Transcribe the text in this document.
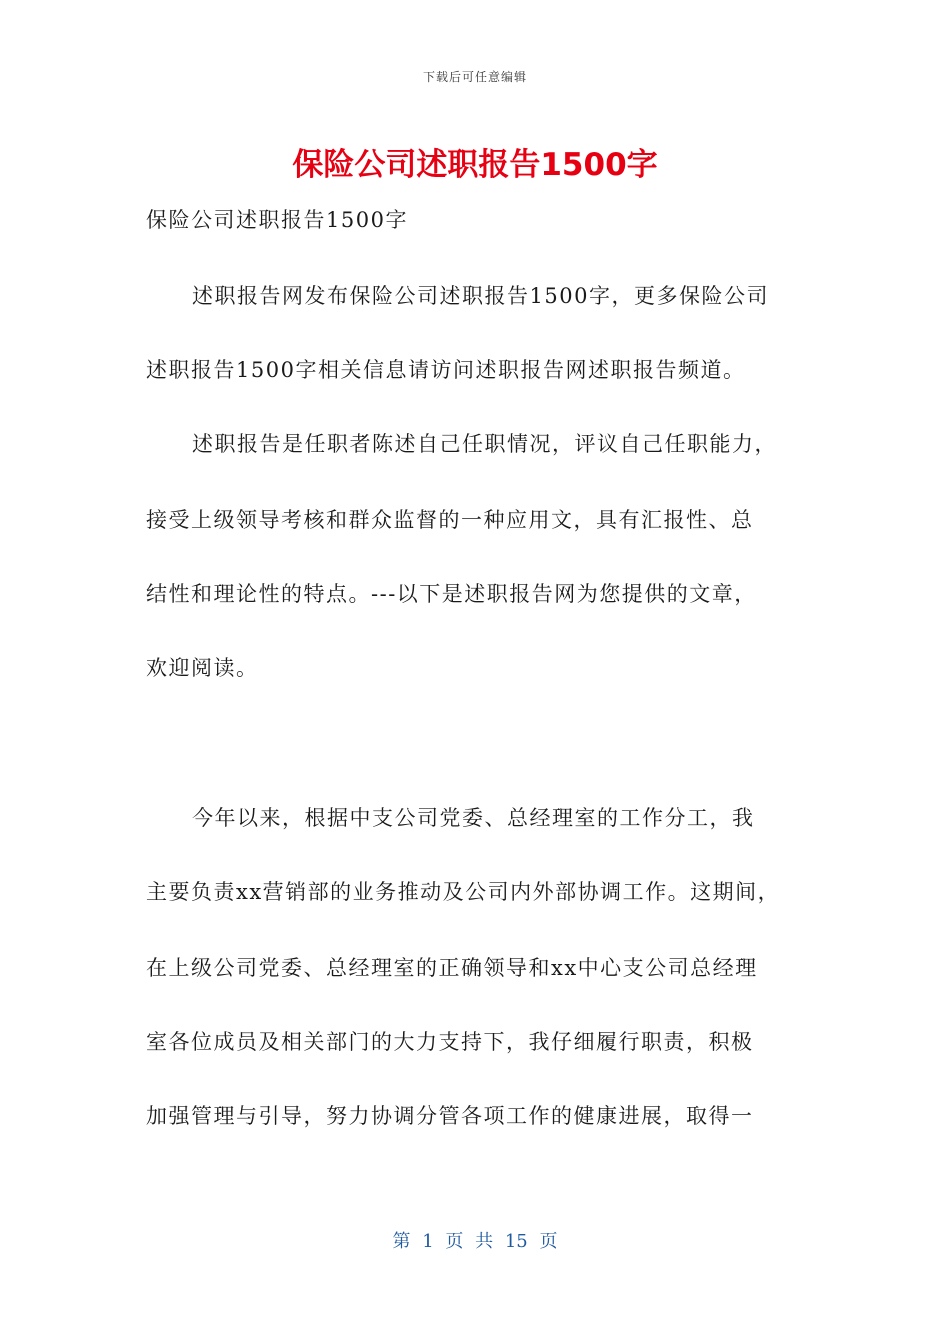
下载后可任意编辑
保险公司述职报告1500字
保险公司述职报告1500字
述职报告网发布保险公司述职报告1500字，更多保险公司
述职报告1500字相关信息请访问述职报告网述职报告频道。
述职报告是任职者陈述自己任职情况，评议自己任职能力，
接受上级领导考核和群众监督的一种应用文，具有汇报性、总
结性和理论性的特点。---以下是述职报告网为您提供的文章，
欢迎阅读。
今年以来，根据中支公司党委、总经理室的工作分工，我
主要负责xx营销部的业务推动及公司内外部协调工作。这期间，
在上级公司党委、总经理室的正确领导和xx中心支公司总经理
室各位成员及相关部门的大力支持下，我仔细履行职责，积极
加强管理与引导，努力协调分管各项工作的健康进展，取得一
第 1 页 共 15 页
